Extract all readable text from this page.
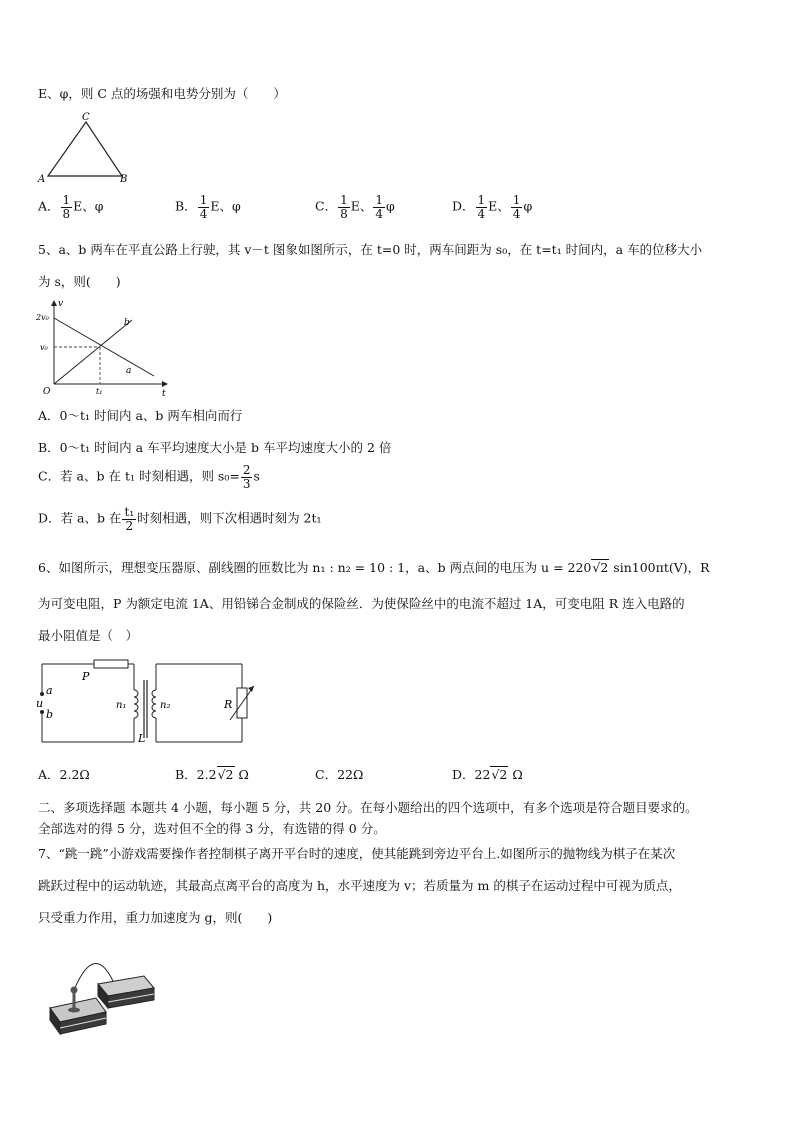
E、φ，则 C 点的场强和电势分别为（　　）
C
A	B
A． $\frac{1}{8}$ E、φ	B． $\frac{1}{4}$ E、φ	C． $\frac{1}{8}$ E、 $\frac{1}{4}$ φ	D． $\frac{1}{4}$ E、 $\frac{1}{4}$ φ
5、a、b 两车在平直公路上行驶，其 v－t 图象如图所示，在 t=0 时，两车间距为 s₀，在 t=t₁ 时间内，a 车的位移大小
为 s，则(　　)
v
t
O
2v₀
v₀
t₁
a
b
A．0～t₁ 时间内 a、b 两车相向而行
B．0～t₁ 时间内 a 车平均速度大小是 b 车平均速度大小的 2 倍
C．若 a、b 在 t₁ 时刻相遇，则 $s_0= \frac{2}{3}$ s
D．若 a、b 在 $\frac{\text{t₁}}{2}$ 时刻相遇，则下次相遇时刻为 2t₁
6、如图所示，理想变压器原、副线圈的匝数比为 n₁ : n₂ = 10 : 1，a、b 两点间的电压为 u = 220√2 sin100πt(V)，R
为可变电阻，P 为额定电流 1A、用铅锑合金制成的保险丝．为使保险丝中的电流不超过 1A，可变电阻 R 连入电路的
最小阻值是（　）
P
a
u
b
n₁	n₂
L
R
A．2.2Ω	B．2.2√2 Ω	C．22Ω	D．22√2 Ω
二、多项选择题 本题共 4 小题，每小题 5 分，共 20 分。在每小题给出的四个选项中，有多个选项是符合题目要求的。
全部选对的得 5 分，选对但不全的得 3 分，有选错的得 0 分。
7、“跳一跳”小游戏需要操作者控制棋子离开平台时的速度，使其能跳到旁边平台上.如图所示的抛物线为棋子在某次
跳跃过程中的运动轨迹，其最高点离平台的高度为 h，水平速度为 v；若质量为 m 的棋子在运动过程中可视为质点，
只受重力作用，重力加速度为 g，则(　　)
